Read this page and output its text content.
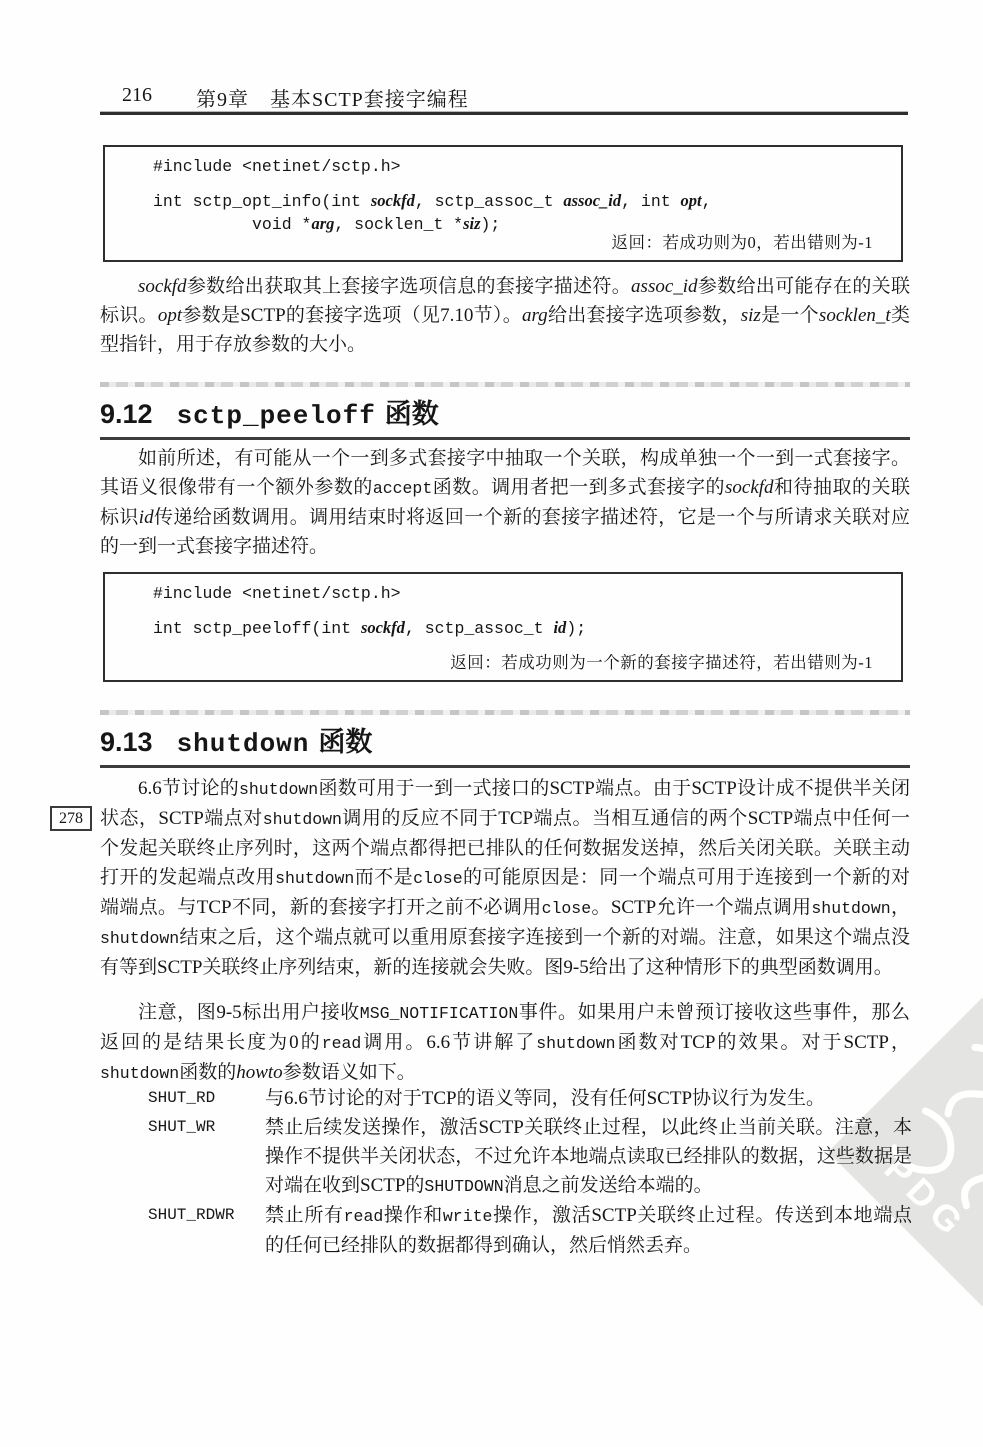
PDG
216 第9章　基本SCTP套接字编程
#include <netinet/sctp.h>
int sctp_opt_info(int sockfd, sctp_assoc_t assoc_id, int opt,
void *arg, socklen_t *siz);
返回：若成功则为0，若出错则为-1
sockfd参数给出获取其上套接字选项信息的套接字描述符。assoc_id参数给出可能存在的关联标识。opt参数是SCTP的套接字选项（见7.10节）。arg给出套接字选项参数，siz是一个socklen_t类型指针，用于存放参数的大小。
9.12 sctp_peeloff 函数
如前所述，有可能从一个一到多式套接字中抽取一个关联，构成单独一个一到一式套接字。其语义很像带有一个额外参数的accept函数。调用者把一到多式套接字的sockfd和待抽取的关联标识id传递给函数调用。调用结束时将返回一个新的套接字描述符，它是一个与所请求关联对应的一到一式套接字描述符。
#include <netinet/sctp.h>
int sctp_peeloff(int sockfd, sctp_assoc_t id);
返回：若成功则为一个新的套接字描述符，若出错则为-1
9.13 shutdown 函数
278
6.6节讨论的shutdown函数可用于一到一式接口的SCTP端点。由于SCTP设计成不提供半关闭状态，SCTP端点对shutdown调用的反应不同于TCP端点。当相互通信的两个SCTP端点中任何一个发起关联终止序列时，这两个端点都得把已排队的任何数据发送掉，然后关闭关联。关联主动打开的发起端点改用shutdown而不是close的可能原因是：同一个端点可用于连接到一个新的对端端点。与TCP不同，新的套接字打开之前不必调用close。SCTP允许一个端点调用shutdown，shutdown结束之后，这个端点就可以重用原套接字连接到一个新的对端。注意，如果这个端点没有等到SCTP关联终止序列结束，新的连接就会失败。图9-5给出了这种情形下的典型函数调用。
注意，图9-5标出用户接收MSG_NOTIFICATION事件。如果用户未曾预订接收这些事件，那么返回的是结果长度为0的read调用。6.6节讲解了shutdown函数对TCP的效果。对于SCTP，shutdown函数的howto参数语义如下。
SHUT_RD	与6.6节讨论的对于TCP的语义等同，没有任何SCTP协议行为发生。
SHUT_WR	禁止后续发送操作，激活SCTP关联终止过程，以此终止当前关联。注意，本操作不提供半关闭状态，不过允许本地端点读取已经排队的数据，这些数据是对端在收到SCTP的SHUTDOWN消息之前发送给本端的。
SHUT_RDWR	禁止所有read操作和write操作，激活SCTP关联终止过程。传送到本地端点的任何已经排队的数据都得到确认，然后悄然丢弃。
